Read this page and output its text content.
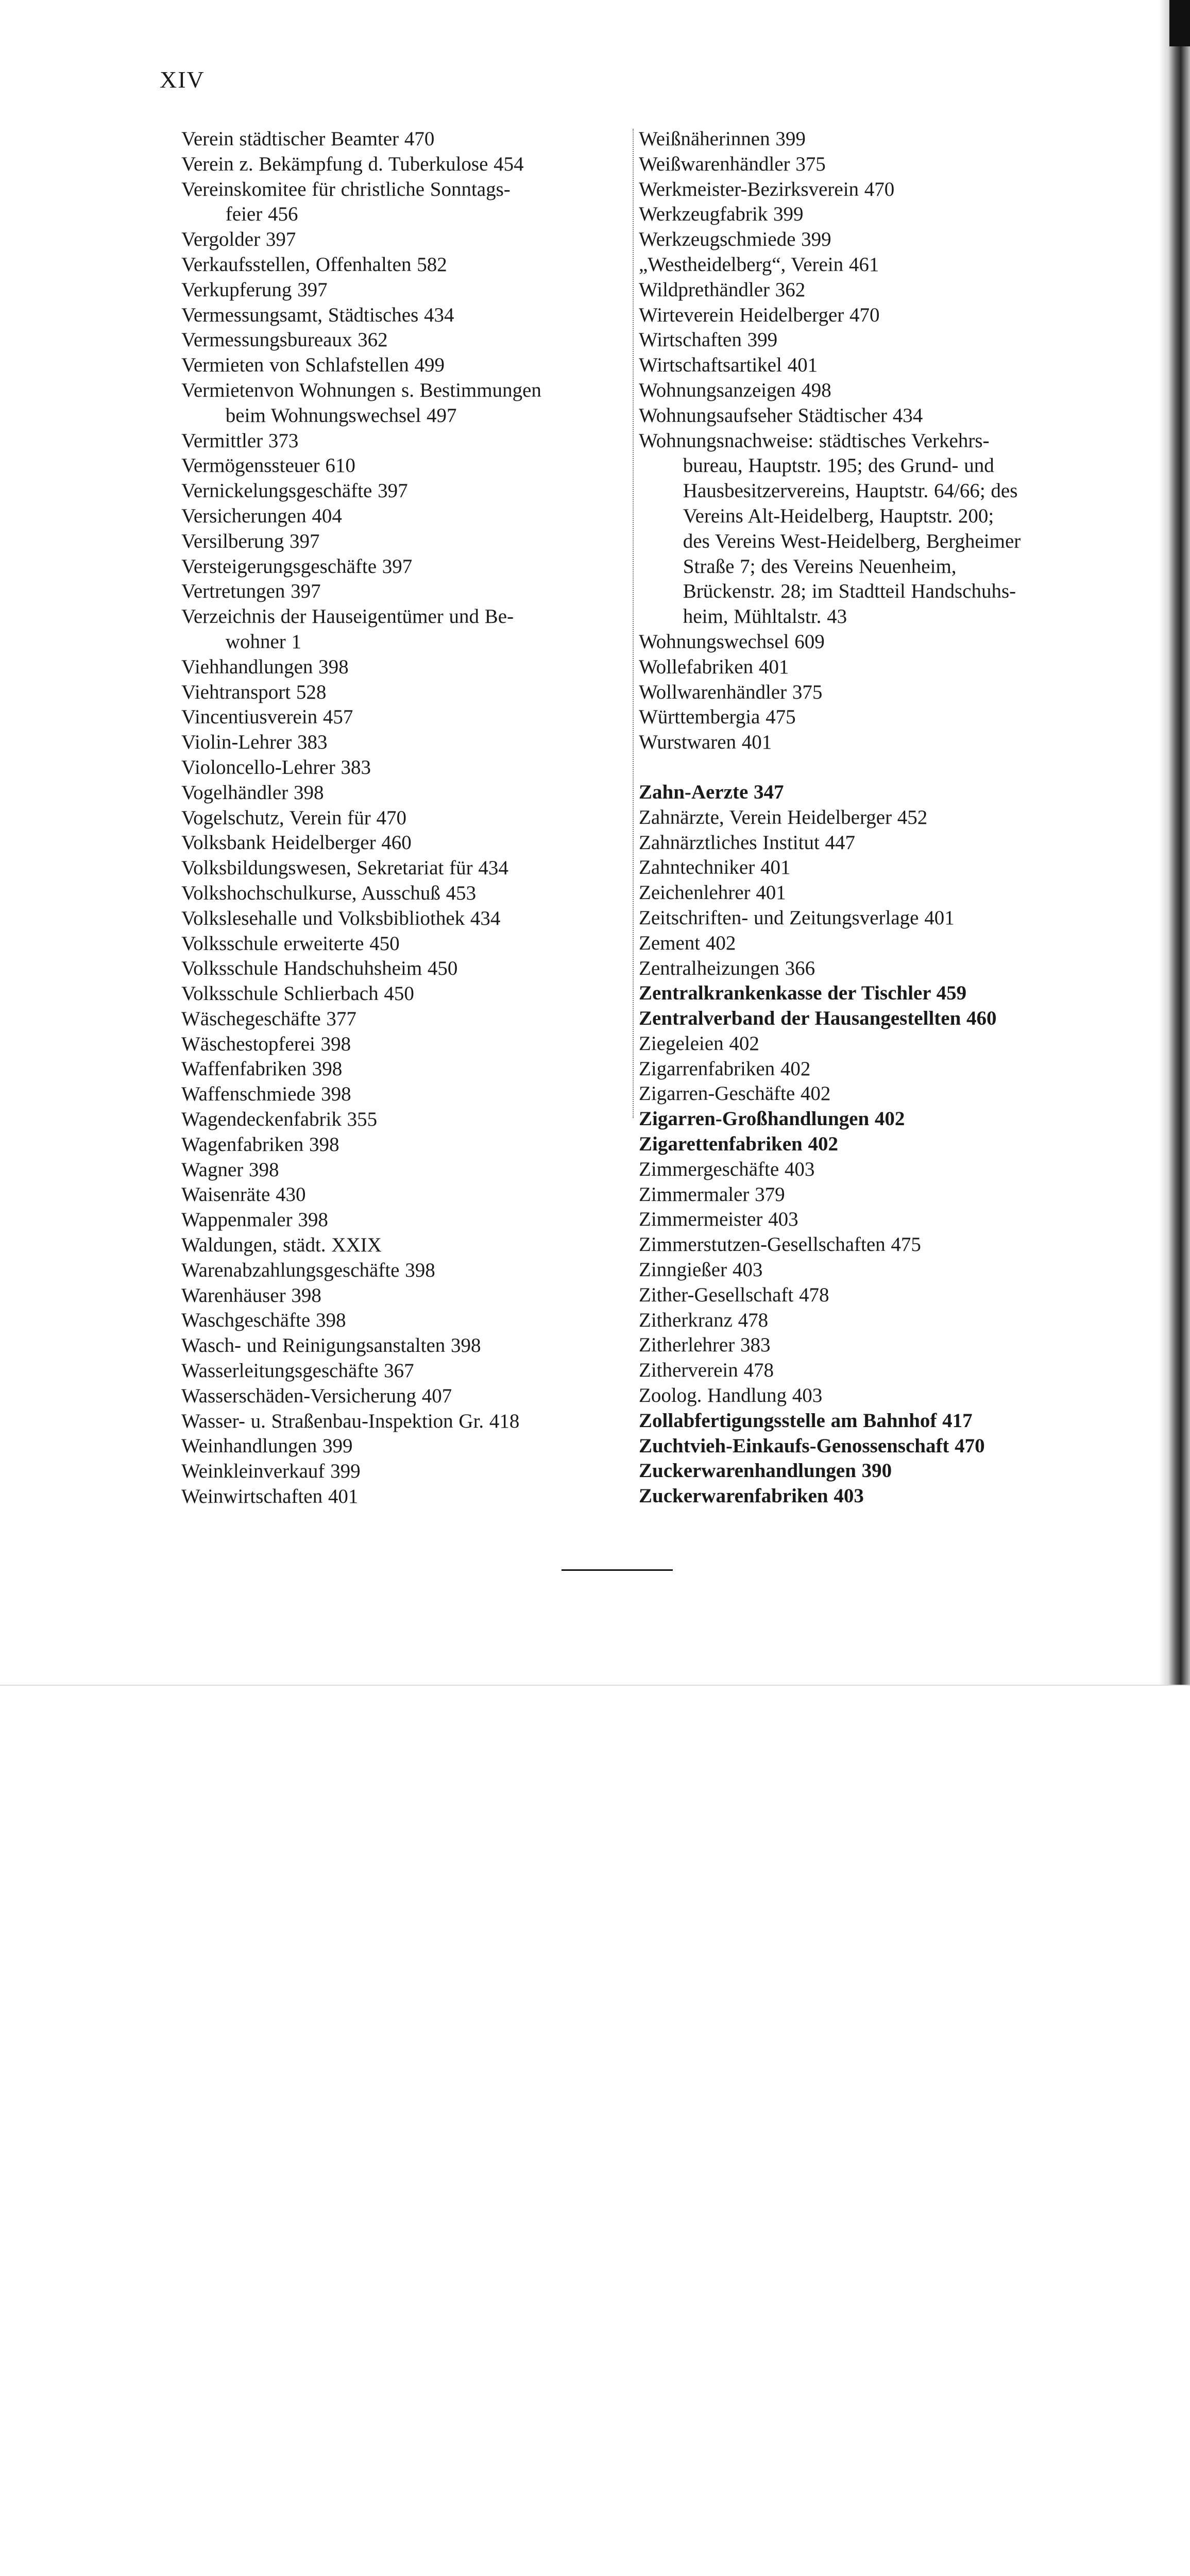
XIV
Verein städtischer Beamter 470
Verein z. Bekämpfung d. Tuberkulose 454
Vereinskomitee für christliche Sonntags-
feier 456
Vergolder 397
Verkaufsstellen, Offenhalten 582
Verkupferung 397
Vermessungsamt, Städtisches 434
Vermessungsbureaux 362
Vermieten von Schlafstellen 499
Vermietenvon Wohnungen s. Bestimmungen
beim Wohnungswechsel 497
Vermittler 373
Vermögenssteuer 610
Vernickelungsgeschäfte 397
Versicherungen 404
Versilberung 397
Versteigerungsgeschäfte 397
Vertretungen 397
Verzeichnis der Hauseigentümer und Be-
wohner 1
Viehhandlungen 398
Viehtransport 528
Vincentiusverein 457
Violin-Lehrer 383
Violoncello-Lehrer 383
Vogelhändler 398
Vogelschutz, Verein für 470
Volksbank Heidelberger 460
Volksbildungswesen, Sekretariat für 434
Volkshochschulkurse, Ausschuß 453
Volkslesehalle und Volksbibliothek 434
Volksschule erweiterte 450
Volksschule Handschuhsheim 450
Volksschule Schlierbach 450
Wäschegeschäfte 377
Wäschestopferei 398
Waffenfabriken 398
Waffenschmiede 398
Wagendeckenfabrik 355
Wagenfabriken 398
Wagner 398
Waisenräte 430
Wappenmaler 398
Waldungen, städt. XXIX
Warenabzahlungsgeschäfte 398
Warenhäuser 398
Waschgeschäfte 398
Wasch- und Reinigungsanstalten 398
Wasserleitungsgeschäfte 367
Wasserschäden-Versicherung 407
Wasser- u. Straßenbau-Inspektion Gr. 418
Weinhandlungen 399
Weinkleinverkauf 399
Weinwirtschaften 401
Weißnäherinnen 399
Weißwarenhändler 375
Werkmeister-Bezirksverein 470
Werkzeugfabrik 399
Werkzeugschmiede 399
„Westheidelberg“, Verein 461
Wildprethändler 362
Wirteverein Heidelberger 470
Wirtschaften 399
Wirtschaftsartikel 401
Wohnungsanzeigen 498
Wohnungsaufseher Städtischer 434
Wohnungsnachweise: städtisches Verkehrs-
bureau, Hauptstr. 195; des Grund- und
Hausbesitzervereins, Hauptstr. 64/66; des
Vereins Alt-Heidelberg, Hauptstr. 200;
des Vereins West-Heidelberg, Bergheimer
Straße 7; des Vereins Neuenheim,
Brückenstr. 28; im Stadtteil Handschuhs-
heim, Mühltalstr. 43
Wohnungswechsel 609
Wollefabriken 401
Wollwarenhändler 375
Württembergia 475
Wurstwaren 401
Zahn-Aerzte 347
Zahnärzte, Verein Heidelberger 452
Zahnärztliches Institut 447
Zahntechniker 401
Zeichenlehrer 401
Zeitschriften- und Zeitungsverlage 401
Zement 402
Zentralheizungen 366
Zentralkrankenkasse der Tischler 459
Zentralverband der Hausangestellten 460
Ziegeleien 402
Zigarrenfabriken 402
Zigarren-Geschäfte 402
Zigarren-Großhandlungen 402
Zigarettenfabriken 402
Zimmergeschäfte 403
Zimmermaler 379
Zimmermeister 403
Zimmerstutzen-Gesellschaften 475
Zinngießer 403
Zither-Gesellschaft 478
Zitherkranz 478
Zitherlehrer 383
Zitherverein 478
Zoolog. Handlung 403
Zollabfertigungsstelle am Bahnhof 417
Zuchtvieh-Einkaufs-Genossenschaft 470
Zuckerwarenhandlungen 390
Zuckerwarenfabriken 403
